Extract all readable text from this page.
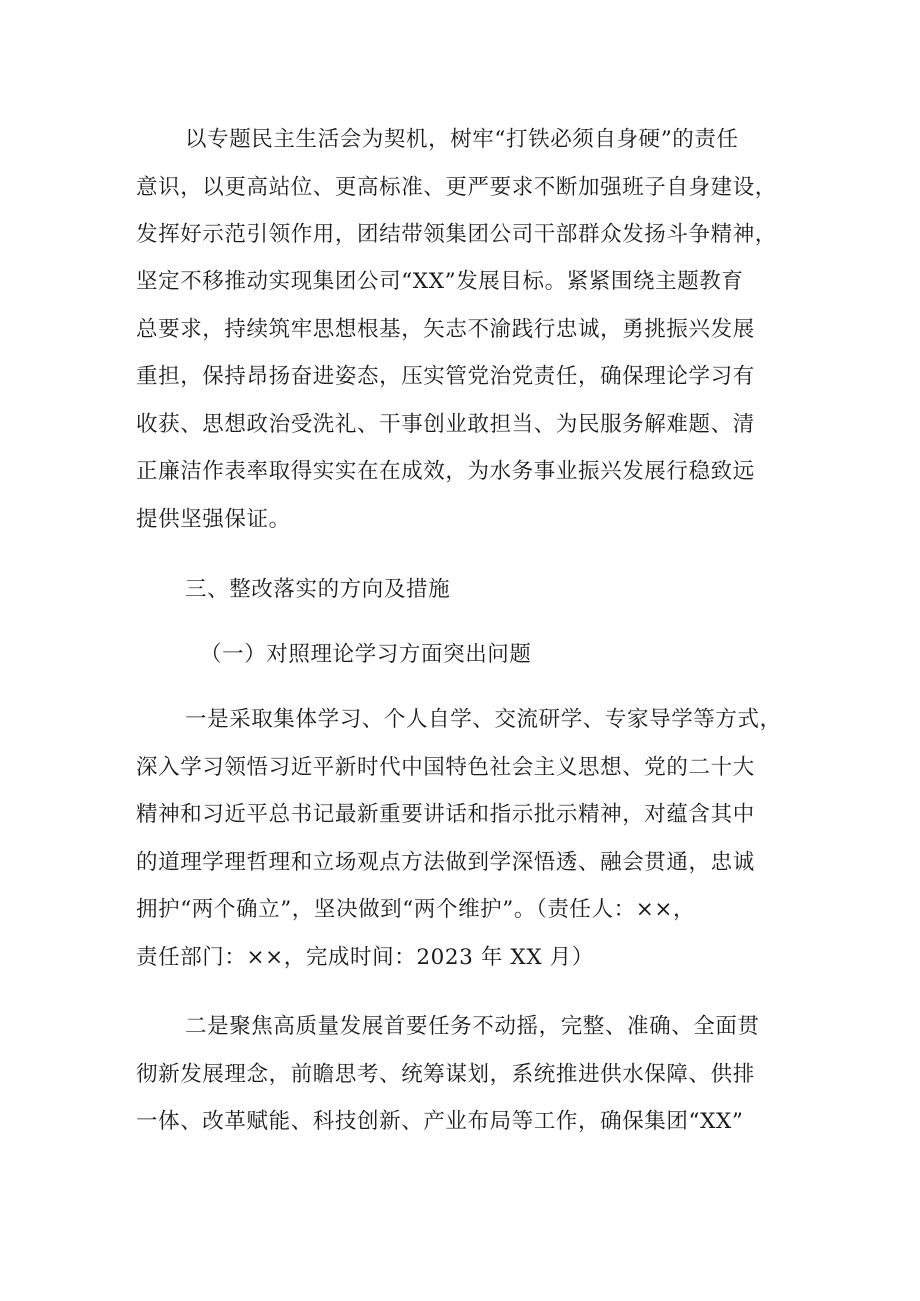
以专题民主生活会为契机，树牢“打铁必须自身硬”的责任
意识，以更高站位、更高标准、更严要求不断加强班子自身建设，
发挥好示范引领作用，团结带领集团公司干部群众发扬斗争精神，
坚定不移推动实现集团公司“XX”发展目标。紧紧围绕主题教育
总要求，持续筑牢思想根基，矢志不渝践行忠诚，勇挑振兴发展
重担，保持昂扬奋进姿态，压实管党治党责任，确保理论学习有
收获、思想政治受洗礼、干事创业敢担当、为民服务解难题、清
正廉洁作表率取得实实在在成效，为水务事业振兴发展行稳致远
提供坚强保证。
三、整改落实的方向及措施
（一）对照理论学习方面突出问题
一是采取集体学习、个人自学、交流研学、专家导学等方式，
深入学习领悟习近平新时代中国特色社会主义思想、党的二十大
精神和习近平总书记最新重要讲话和指示批示精神，对蕴含其中
的道理学理哲理和立场观点方法做到学深悟透、融会贯通，忠诚
拥护“两个确立”，坚决做到“两个维护”。（责任人：××，
责任部门：××，完成时间：2023 年 XX 月）
二是聚焦高质量发展首要任务不动摇，完整、准确、全面贯
彻新发展理念，前瞻思考、统筹谋划，系统推进供水保障、供排
一体、改革赋能、科技创新、产业布局等工作，确保集团“XX”
